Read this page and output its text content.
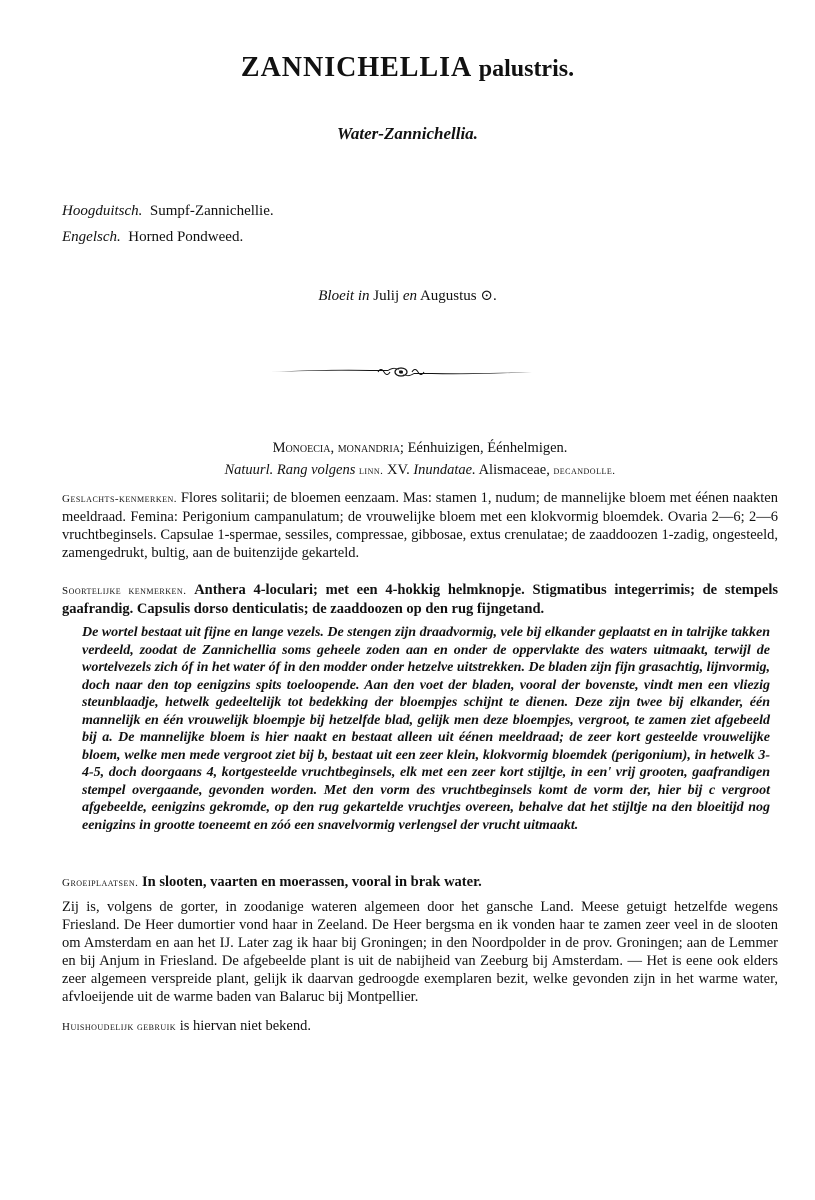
ZANNICHELLIA palustris.
Water-Zannichellia.
Hoogduitsch. Sumpf-Zannichellie.
Engelsch. Horned Pondweed.
Bloeit in Julij en Augustus ⊙.
Monoecia, monandria; Eénhuizigen, Éénhelmigen.
Natuurl. Rang volgens linn. XV. Inundatae. Alismaceae, decandolle.
Geslachts-kenmerken. Flores solitarii; de bloemen eenzaam. Mas: stamen 1, nudum; de mannelijke bloem met éénen naakten meeldraad. Femina: Perigonium campanulatum; de vrouwelijke bloem met een klokvormig bloemdek. Ovaria 2—6; 2—6 vruchtbeginsels. Capsulae 1-spermae, sessiles, compressae, gibbosae, extus crenulatae; de zaaddoozen 1-zadig, ongesteeld, zamengedrukt, bultig, aan de buitenzijde gekarteld.
Soortelijke kenmerken. Anthera 4-loculari; met een 4-hokkig helmknopje. Stigmatibus integerrimis; de stempels gaafrandig. Capsulis dorso denticulatis; de zaaddoozen op den rug fijngetand.
De wortel bestaat uit fijne en lange vezels. De stengen zijn draadvormig, vele bij elkander geplaatst en in talrijke takken verdeeld, zoodat de Zannichellia soms geheele zoden aan en onder de oppervlakte des waters uitmaakt, terwijl de wortelvezels zich óf in het water óf in den modder onder hetzelve uitstrekken. De bladen zijn fijn grasachtig, lijnvormig, doch naar den top eenigzins spits toeloopende. Aan den voet der bladen, vooral der bovenste, vindt men een vliezig steunblaadje, hetwelk gedeeltelijk tot bedekking der bloempjes schijnt te dienen. Deze zijn twee bij elkander, één mannelijk en één vrouwelijk bloempje bij hetzelfde blad, gelijk men deze bloempjes, vergroot, te zamen ziet afgebeeld bij a. De mannelijke bloem is hier naakt en bestaat alleen uit éénen meeldraad; de zeer kort gesteelde vrouwelijke bloem, welke men mede vergroot ziet bij b, bestaat uit een zeer klein, klokvormig bloemdek (perigonium), in hetwelk 3-4-5, doch doorgaans 4, kortgesteelde vruchtbeginsels, elk met een zeer kort stijltje, in een' vrij grooten, gaafrandigen stempel overgaande, gevonden worden. Met den vorm des vruchtbeginsels komt de vorm der, hier bij c vergroot afgebeelde, eenigzins gekromde, op den rug gekartelde vruchtjes overeen, behalve dat het stijltje na den bloeitijd nog eenigzins in grootte toeneemt en zóó een snavelvormig verlengsel der vrucht uitmaakt.
Groeiplaatsen. In slooten, vaarten en moerassen, vooral in brak water.
Zij is, volgens de gorter, in zoodanige wateren algemeen door het gansche Land. Meese getuigt hetzelfde wegens Friesland. De Heer dumortier vond haar in Zeeland. De Heer bergsma en ik vonden haar te zamen zeer veel in de slooten om Amsterdam en aan het IJ. Later zag ik haar bij Groningen; in den Noordpolder in de prov. Groningen; aan de Lemmer en bij Anjum in Friesland. De afgebeelde plant is uit de nabijheid van Zeeburg bij Amsterdam. — Het is eene ook elders zeer algemeen verspreide plant, gelijk ik daarvan gedroogde exemplaren bezit, welke gevonden zijn in het warme water, afvloeijende uit de warme baden van Balaruc bij Montpellier.
Huishoudelijk gebruik is hiervan niet bekend.
